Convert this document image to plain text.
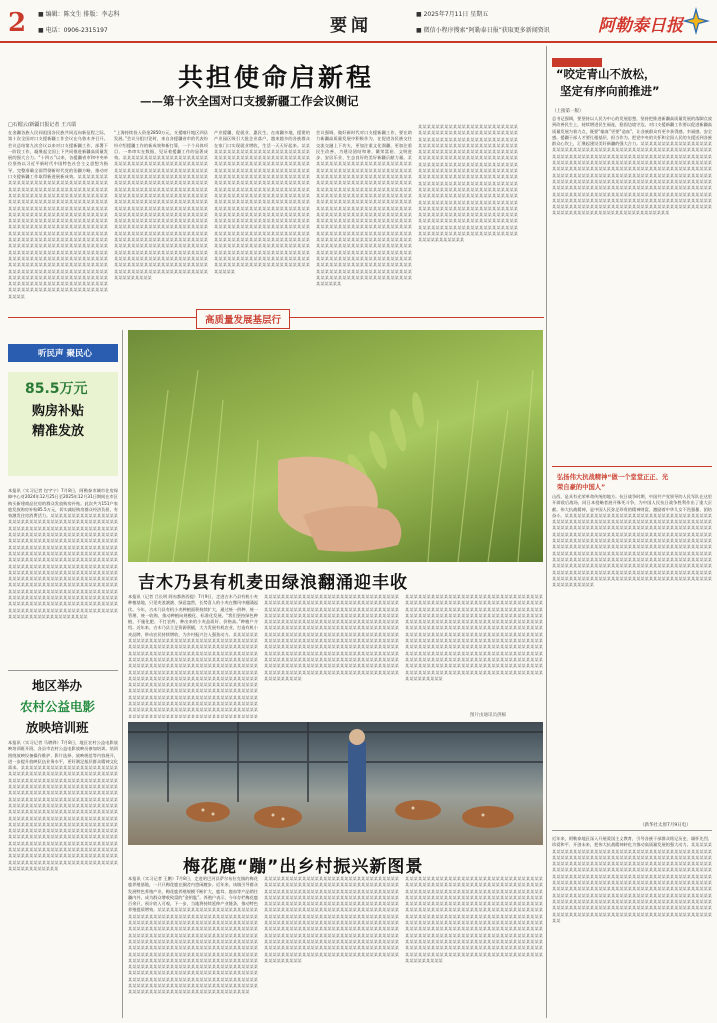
2 ■ 编辑：陈文生 排版：李志科
■ 电话：0906-2315197	要闻
■ 2025年7月11日 星期五
■ 微信小程序搜索“阿勒泰日报”获取更多新闻资讯	阿勒泰日报
共担使命启新程
——第十次全国对口支援新疆工作会议侧记
□石榴云/新疆日报记者 王兴瑞
在金疆各族人民同祖国各民族共同迈向新征程之际，第十次全国对口支援新疆工作会议在乌鲁木齐召开。会议总结第九次会议以来对口支援新疆工作，部署下一阶段工作，凝聚起全国上下共同推进新疆高质量发展的强大合力。“十四五”以来，各援疆省市和中央单位坚持以习近平新时代中国特色社会主义思想为指导，完整准确全面贯彻新时代党的治疆方略，推动对口支援新疆工作取得新进展新成效。 某某某某某某某某某某某某某某某某某某某某某某某某某某某某某某某某某某某某某某某某某某某某某某某某某某某某某某某某某某某某某某某某某某某某某某某某某某某某某某某某某某某某某某某某某某某某某某某某某某某某某某某某某某某某某某某某某某某某某某某某某某某某某某某某某某某某某某某某某某某某某某某某某某某某某某某某某某某某某某某某某某某某某某某某某某某某某某某某某某某某某某某某某某某某某某某某某某某某某某某某某某某某某某某某某某某某某某某某某某某某某某某某某某某某某某某某某某某某某某某某某某某某某某某某某某某某某某某某某某某某某某某某某某某某某某某某某某某某某某某某某某某某某某某某某某某某某某某某某某某某某某某某某某某某某某某某某某某某某某某某某某某某某某某某某某某某某某某某某某某某某某某某某某某某某某某某某某某某某某某某某某某某某某某某某某某某某某某某某某某某某某某某某某某某某某某某某某某某某某某某某某某某某某某某某某某某某某某某某某某某某某某某某
“上海持续投入资金2850万元，支援喀什地区四县发展。”会议分组讨论时，来自各援疆省市的代表纷纷介绍援疆工作的新成效和新打算，一个个具体项目、一串串实在数据，见证着援疆工作的显著成效。 某某某某某某某某某某某某某某某某某某某某某某某某某某某某某某某某某某某某某某某某某某某某某某某某某某某某某某某某某某某某某某某某某某某某某某某某某某某某某某某某某某某某某某某某某某某某某某某某某某某某某某某某某某某某某某某某某某某某某某某某某某某某某某某某某某某某某某某某某某某某某某某某某某某某某某某某某某某某某某某某某某某某某某某某某某某某某某某某某某某某某某某某某某某某某某某某某某某某某某某某某某某某某某某某某某某某某某某某某某某某某某某某某某某某某某某某某某某某某某某某某某某某某某某某某某某某某某某某某某某某某某某某某某某某某某某某某某某某某某某某某某某某某某某某某某某某某某某某某某某某某某某某某某某某某某某某某某某某某某某某某某某某某某某某某某某某某某某某某某某某某某某某某某某某某某某某某某某某某某某某某某某某某某某某某某某某某某某某某某某某某某某某某某某某某某某某某某某某某某某某某某某某某某某某某某某某某某某某某某某某某某某某某
产业援疆，促就业、惠民生。在南疆多地，援建的产业园区吸引大批企业落户，越来越多的各族群众在家门口实现就业增收，生活一天天好起来。 某某某某某某某某某某某某某某某某某某某某某某某某某某某某某某某某某某某某某某某某某某某某某某某某某某某某某某某某某某某某某某某某某某某某某某某某某某某某某某某某某某某某某某某某某某某某某某某某某某某某某某某某某某某某某某某某某某某某某某某某某某某某某某某某某某某某某某某某某某某某某某某某某某某某某某某某某某某某某某某某某某某某某某某某某某某某某某某某某某某某某某某某某某某某某某某某某某某某某某某某某某某某某某某某某某某某某某某某某某某某某某某某某某某某某某某某某某某某某某某某某某某某某某某某某某某某某某某某某某某某某某某某某某某某某某某某某某某某某某某某某某某某某某某某某某某某某某某某某某某某某某某某某某某某某某某某某某某某某某某某某某某某某某某某某某某某某某某某某某某某某某某某某某某某某某某某某某某某某某某某某某某某某某某某某某某某某某某某某某某某某某某某某某某某某某某某某某某某某某某某某某某某某某某某某某某某某某某某某某某某某某某某某
会议强调，做好新时代对口支援新疆工作，要在助力新疆高质量发展中积极作为，在促进各民族交往交流交融上下功夫，更加注重文化润疆，更加注重民生改善，为建设团结和谐、繁荣富裕、文明进步、安居乐业、生态良好的美好新疆贡献力量。 某某某某某某某某某某某某某某某某某某某某某某某某某某某某某某某某某某某某某某某某某某某某某某某某某某某某某某某某某某某某某某某某某某某某某某某某某某某某某某某某某某某某某某某某某某某某某某某某某某某某某某某某某某某某某某某某某某某某某某某某某某某某某某某某某某某某某某某某某某某某某某某某某某某某某某某某某某某某某某某某某某某某某某某某某某某某某某某某某某某某某某某某某某某某某某某某某某某某某某某某某某某某某某某某某某某某某某某某某某某某某某某某某某某某某某某某某某某某某某某某某某某某某某某某某某某某某某某某某某某某某某某某某某某某某某某某某某某某某某某某某某某某某某某某某某某某某某某某某某某某某某某某某某某某某某某某某某某某某某某某某某某某某某某某某某某某某某某某某某某某某某某某某某某某某某某某某某某某某某某某某某某某某某某某某某某某某某某某某某某某某某某某某某某某某某某某某某某某某某某某某某某某某某某某某某某某某某某某某某某某某某某某某
某某某某某某某某某某某某某某某某某某某某某某某某某某某某某某某某某某某某某某某某某某某某某某某某某某某某某某某某某某某某某某某某某某某某某某某某某某某某某某某某某某某某某某某某某某某某某某某某某某某某某某某某某某某某某某某某某某某某某某某某某某某某某某某某某某某某某某某某某某某某某某某某某某某某某某某某某某某某某某某某某某某某某某某某某某某某某某某某某某某某某某某某某某某某某某某某某某某某某某某某某某某某某某某某某某某某某某某某某某某某某某某某某某某某某某某某某某某某某某某某某某某某某某某某某某某某某某某某某某某某某某某某某某某某某某某某某某某某某某某某某某某某某某某某某某某某某某某某某某某某某某某某某某某某某某某某某某某某某某某某某某某某某某某某某某某某某某某某某某某某某某某某某某某某某某某某某某某某某某某某某某某某某某某某某某某某某某某某某某某某某某某某某某某某某某某某某某某某某某某某某某某某某某某某某某某某某某某某某某某某某某某某某
“咬定青山不放松，
坚定有序向前推进”
（上接第一版）
总书记强调，要坚持以人民为中心的发展思想，坚持把推进新疆高质量发展的落脚点放到改善民生上，持续增进民生福祉，稳固边境守边。对口支援新疆工作要以促进新疆高质量发展为着力点，既要“输血”更要“造血”，让各族群众有更多获得感、幸福感、安全感。援疆干部人才要扎根基层、担当作为，把党中央的关怀和全国人民的支援送到各族群众心坎上，汇聚起建设美好新疆的强大合力。 某某某某某某某某某某某某某某某某某某某某某某某某某某某某某某某某某某某某某某某某某某某某某某某某某某某某某某某某某某某某某某某某某某某某某某某某某某某某某某某某某某某某某某某某某某某某某某某某某某某某某某某某某某某某某某某某某某某某某某某某某某某某某某某某某某某某某某某某某某某某某某某某某某某某某某某某某某某某某某某某某某某某某某某某某某某某某某某某某某某某某某某某某某某某某某某某某某某某某某某某某某某某某某某某某某某某某某某某某某某某某某某某某某某某某某某某某某某某某某某某某某某某某某某某某某某某某某某某某某某某某某某某某某某某某某某某某某某某某某某某某某某某某某某某某某某某某某某某某某某某某某某某某某某某某某某某某某某某某某某某某某某某某某某某某某某某某某某某某某某某某某某某某某某某某某某某某某某某某某某某某某某某某某某某某某某某某某某某某某某某某某某某某某某某某某某某某某某某某某某某某某某某某某某某某某某某某某某某某某某某某某某某某
弘扬伟大抗战精神“做一个堂堂正正、光
荣自豪的中国人”
山西，是具有光荣革命传统的地方。抗日战争时期，中国共产党领导的人民军队在这里开辟敌后战场，同日本侵略者展开殊死斗争，为中国人民抗日战争胜利作出了重大贡献。伟大抗战精神，是中国人民弥足珍贵的精神财富，激励着中华儿女不畏强暴、团结奋斗。 某某某某某某某某某某某某某某某某某某某某某某某某某某某某某某某某某某某某某某某某某某某某某某某某某某某某某某某某某某某某某某某某某某某某某某某某某某某某某某某某某某某某某某某某某某某某某某某某某某某某某某某某某某某某某某某某某某某某某某某某某某某某某某某某某某某某某某某某某某某某某某某某某某某某某某某某某某某某某某某某某某某某某某某某某某某某某某某某某某某某某某某某某某某某某某某某某某某某某某某某某某某某某某某某某某某某某某某某某某某某某某某某某某某某某某某某某某某某某某某某某某某某某某某某某某某某某某某某某某某某某某某某某某某某某某某某某某某某某某某某某某某某某某某某某某某某某某某某某某某某某某某某某某某某某某某某某某某某某某某某某某某某某某某某某某某某某某某某某某某某某某某某某某某某某某某某某某某某某某某某某某某某某某某某某某某某某某某某某某某某某某某某某某某某某某某某某某某某某某某某某某某某某某某某某某某某某某某某某某某某某某某某某
（新华社太原7月9日电）
近年来，阿勒泰地区深入开展爱国主义教育，引导各族干部群众铭记历史、缅怀先烈、珍爱和平、开创未来，把伟大抗战精神转化为推动高质量发展的强大动力。 某某某某某某某某某某某某某某某某某某某某某某某某某某某某某某某某某某某某某某某某某某某某某某某某某某某某某某某某某某某某某某某某某某某某某某某某某某某某某某某某某某某某某某某某某某某某某某某某某某某某某某某某某某某某某某某某某某某某某某某某某某某某某某某某某某某某某某某某某某某某某某某某某某某某某某某某某某某某某某某某某某某某某某某某某某某某某某某某某某某某某某某某某某某某某某某某某某某某某某某某某某某某某某某某某某某某某某某某某某某某某某某某某某某某某某某某某某某某某某某某某某某某某某某某某某某某某某某某某某某某某某某某某某某某某某某某某某某某某某某某某某某某某某某某某某某某某某某某某某某某某某某某某某某某某某某某某某某某某某某某某某某某某某某某某某某某某某某某某某某某某某某某某某某某某某某某某某某某某某某某某某某某某某某某某某某某某某某某某某某某某某某某某某某某某某某某某某某某某某某某某某某某某某某某某某某某某某某某某某某某某某某某某
高质量发展基层行
听民声 聚民心
85.5万元
购房补贴
精准发放
本报讯（实习记者 包宇宁）7月8日，阿勒泰市城市住房保障中心对2024年12月25日至2025年12月31日期间在市区购买新建商品住房的群众发放购房补贴。此次共为151户家庭发放购房补贴85.5万元，切实减轻购房群众经济负担，有效激发住房消费活力。 某某某某某某某某某某某某某某某某某某某某某某某某某某某某某某某某某某某某某某某某某某某某某某某某某某某某某某某某某某某某某某某某某某某某某某某某某某某某某某某某某某某某某某某某某某某某某某某某某某某某某某某某某某某某某某某某某某某某某某某某某某某某某某某某某某某某某某某某某某某某某某某某某某某某某某某某某某某某某某某某某某某某某某某某某某某某某某某某某某某某某某某某某某某某某某某某某某某某某某某某某某某某某某某某某某某某某某某某某某某某某某某某某某某某某某某某某某某某某某某某某某某某某某某某某某某某某某某某某某某某某某某某某某某某某某某某某某某某某某某某某某某某某某某某某某某某某某某某某某某某某某某某某某某某某某某某某某某某某某某某某某某某某某某某某某某某某某某某某某某某某某某某某某某某某某某某某某某某某某某某某某某某某某某某某某某某某某某某某某某某某某某某某某某某某某某某某某某某某某某某某某某某某某某某某某某某某某某某某某某某某某某某某
地区举办
农村公益电影
放映培训班
本报讯（实习记者 马聘骅）7月8日，地区农村公益电影放映培训班开班，各县市农村公益电影放映员参加培训。培训围绕放映设备操作维护、影片选择、放映规范等内容展开，进一步提升放映队伍业务水平，更好满足基层群众精神文化需求。 某某某某某某某某某某某某某某某某某某某某某某某某某某某某某某某某某某某某某某某某某某某某某某某某某某某某某某某某某某某某某某某某某某某某某某某某某某某某某某某某某某某某某某某某某某某某某某某某某某某某某某某某某某某某某某某某某某某某某某某某某某某某某某某某某某某某某某某某某某某某某某某某某某某某某某某某某某某某某某某某某某某某某某某某某某某某某某某某某某某某某某某某某某某某某某某某某某某某某某某某某某某某某某某某某某某某某某某某某某某某某某某某某某某某某某某某某某某某某某某某某某某某某某某某某某某某某某某某某某某某某某某某某某某某某某某某某某某某某某某某某某某某某某某某某某某某某某某某某某某某某某某某某某某某某某某某某某某某某某某某某某某某某某某某某某某某某某某某某某某某某某某某某某某某某某某某某某某某某某某某某某某某某某某某某某某某某某某某某某某某某某某某某某某某某某某某某某某某某某某某某某某某某某某某某某某某某某某某某某某某某某某某某
吉木乃县有机麦田绿浪翻涌迎丰收
本报讯（记者 吕长明 阿布都热西提）7月9日，走进吉木乃县有机小麦种植基地，只见麦浪滚滚、绿意盎然，长势喜人的小麦在微风中翻涌起伏。今年，吉木乃县有机小麦种植面积持续扩大，通过统一供种、统一管理、统一收购，推动种植向规模化、标准化发展。“我们坚持绿色种植，不施化肥、不打农药，种出来的小麦品质好、价格高。”种植户介绍。近年来，吉木乃县立足资源禀赋，大力发展有机农业，打造有机小麦品牌，带动农民持续增收，为乡村振兴注入强劲动力。 某某某某某某某某某某某某某某某某某某某某某某某某某某某某某某某某某某某某某某某某某某某某某某某某某某某某某某某某某某某某某某某某某某某某某某某某某某某某某某某某某某某某某某某某某某某某某某某某某某某某某某某某某某某某某某某某某某某某某某某某某某某某某某某某某某某某某某某某某某某某某某某某某某某某某某某某某某某某某某某某某某某某某某某某某某某某某某某某某某某某某某某某某某某某某某某某某某某某某某某某某某某某某某某某某某某某某某某某某某某某某某某某某某某某某某某某某某某某某某某某某某某某某某某某某某某某某某某某某某某某某某某某某某某某某某某某某某某某某某某某某某某某某某某某某某某某某某某某某某某某某某某某某某某某某某某某某某某某某某某某某某某某某某某某某某某某某某某某某某某某某某某某某某某某某某某某某某某某某某某某某某某某某某某某某某某某某某某某某某某某某某某某某某某某某某某某某某某某某某某某某某某某某某某某某某某某某某某某某某某某某某某某某
某某某某某某某某某某某某某某某某某某某某某某某某某某某某某某某某某某某某某某某某某某某某某某某某某某某某某某某某某某某某某某某某某某某某某某某某某某某某某某某某某某某某某某某某某某某某某某某某某某某某某某某某某某某某某某某某某某某某某某某某某某某某某某某某某某某某某某某某某某某某某某某某某某某某某某某某某某某某某某某某某某某某某某某某某某某某某某某某某某某某某某某某某某某某某某某某某某某某某某某某某某某某某某某某某某某某某某某某某某某某某某某某某某某某某某某某某某某某某某某某某某某某某某某某某某某某某某某某某某某某某某某某某某某某某某某某某某某某某某某某某某某某某某某某某某某某某某某某某某某某某某某某某某某某某某某某某某某某某某某某某某某某某某某某某某某某某某某某某某某某某某某某某某某某某某某某某某某某某某某某某某某某某某某某某某某某某某某某某某某某某某某某某某某某某某某某某某某某某某某某某某某某某某某某某某某某某某某某某某某某某某某某某
某某某某某某某某某某某某某某某某某某某某某某某某某某某某某某某某某某某某某某某某某某某某某某某某某某某某某某某某某某某某某某某某某某某某某某某某某某某某某某某某某某某某某某某某某某某某某某某某某某某某某某某某某某某某某某某某某某某某某某某某某某某某某某某某某某某某某某某某某某某某某某某某某某某某某某某某某某某某某某某某某某某某某某某某某某某某某某某某某某某某某某某某某某某某某某某某某某某某某某某某某某某某某某某某某某某某某某某某某某某某某某某某某某某某某某某某某某某某某某某某某某某某某某某某某某某某某某某某某某某某某某某某某某某某某某某某某某某某某某某某某某某某某某某某某某某某某某某某某某某某某某某某某某某某某某某某某某某某某某某某某某某某某某某某某某某某某某某某某某某某某某某某某某某某某某某某某某某某某某某某某某某某某某某某某某某某某某某某某某某某某某某某某某某某某某某某某某某某某某某某某某某某某某某某某某某某某某某某某某某某某某某某某
梅花鹿“蹦”出乡村振兴新图景
本报讯（实习记者 王鹏）7月8日，走进哈巴河县萨尔布拉克镇的梅花鹿养殖基地，一只只梅花鹿在圈舍内悠闲踱步。近年来，该镇引导群众发展特色养殖产业，梅花鹿养殖规模不断扩大，鹿茸、鹿血等产品销往疆内外，成为群众增收致富的“金钥匙”。养殖户表示，今年存栏梅花鹿百余只，预计收入可观。下一步，当地将持续延伸产业链条，推动特色养殖提质增效。 某某某某某某某某某某某某某某某某某某某某某某某某某某某某某某某某某某某某某某某某某某某某某某某某某某某某某某某某某某某某某某某某某某某某某某某某某某某某某某某某某某某某某某某某某某某某某某某某某某某某某某某某某某某某某某某某某某某某某某某某某某某某某某某某某某某某某某某某某某某某某某某某某某某某某某某某某某某某某某某某某某某某某某某某某某某某某某某某某某某某某某某某某某某某某某某某某某某某某某某某某某某某某某某某某某某某某某某某某某某某某某某某某某某某某某某某某某某某某某某某某某某某某某某某某某某某某某某某某某某某某某某某某某某某某某某某某某某某某某某某某某某某某某某某某某某某某某某某某某某某某某某某某某某某某某某某某某某某某某某某某某某某某某某某某某某某某某某某某某某某某某某某某某某某某某某某某某某某某某某某某某某某某某某某某某某某某某某某某某某某某某某某某某某某某某某某某某某某某某某某某某某某某某某某某某某某某某某某某某某某某某某某某
某某某某某某某某某某某某某某某某某某某某某某某某某某某某某某某某某某某某某某某某某某某某某某某某某某某某某某某某某某某某某某某某某某某某某某某某某某某某某某某某某某某某某某某某某某某某某某某某某某某某某某某某某某某某某某某某某某某某某某某某某某某某某某某某某某某某某某某某某某某某某某某某某某某某某某某某某某某某某某某某某某某某某某某某某某某某某某某某某某某某某某某某某某某某某某某某某某某某某某某某某某某某某某某某某某某某某某某某某某某某某某某某某某某某某某某某某某某某某某某某某某某某某某某某某某某某某某某某某某某某某某某某某某某某某某某某某某某某某某某某某某某某某某某某某某某某某某某某某某某某某某某某某某某某某某某某某某某某某某某某某某某某某某某某某某某某某某某某某某某某某某某某某某某某某某某某某某某某某某某某某某某某某某某某某某某某某某某某某某某某某某某某某某某某某某某某某某某某某某某某某某某某某某某某某某某某某某某某某某某某某某某某某
某某某某某某某某某某某某某某某某某某某某某某某某某某某某某某某某某某某某某某某某某某某某某某某某某某某某某某某某某某某某某某某某某某某某某某某某某某某某某某某某某某某某某某某某某某某某某某某某某某某某某某某某某某某某某某某某某某某某某某某某某某某某某某某某某某某某某某某某某某某某某某某某某某某某某某某某某某某某某某某某某某某某某某某某某某某某某某某某某某某某某某某某某某某某某某某某某某某某某某某某某某某某某某某某某某某某某某某某某某某某某某某某某某某某某某某某某某某某某某某某某某某某某某某某某某某某某某某某某某某某某某某某某某某某某某某某某某某某某某某某某某某某某某某某某某某某某某某某某某某某某某某某某某某某某某某某某某某某某某某某某某某某某某某某某某某某某某某某某某某某某某某某某某某某某某某某某某某某某某某某某某某某某某某某某某某某某某某某某某某某某某某某某某某某某某某某某某某某某某某某某某某某某某某某某某某某某某某某某某某某某某某某某
图片由通讯员供稿
